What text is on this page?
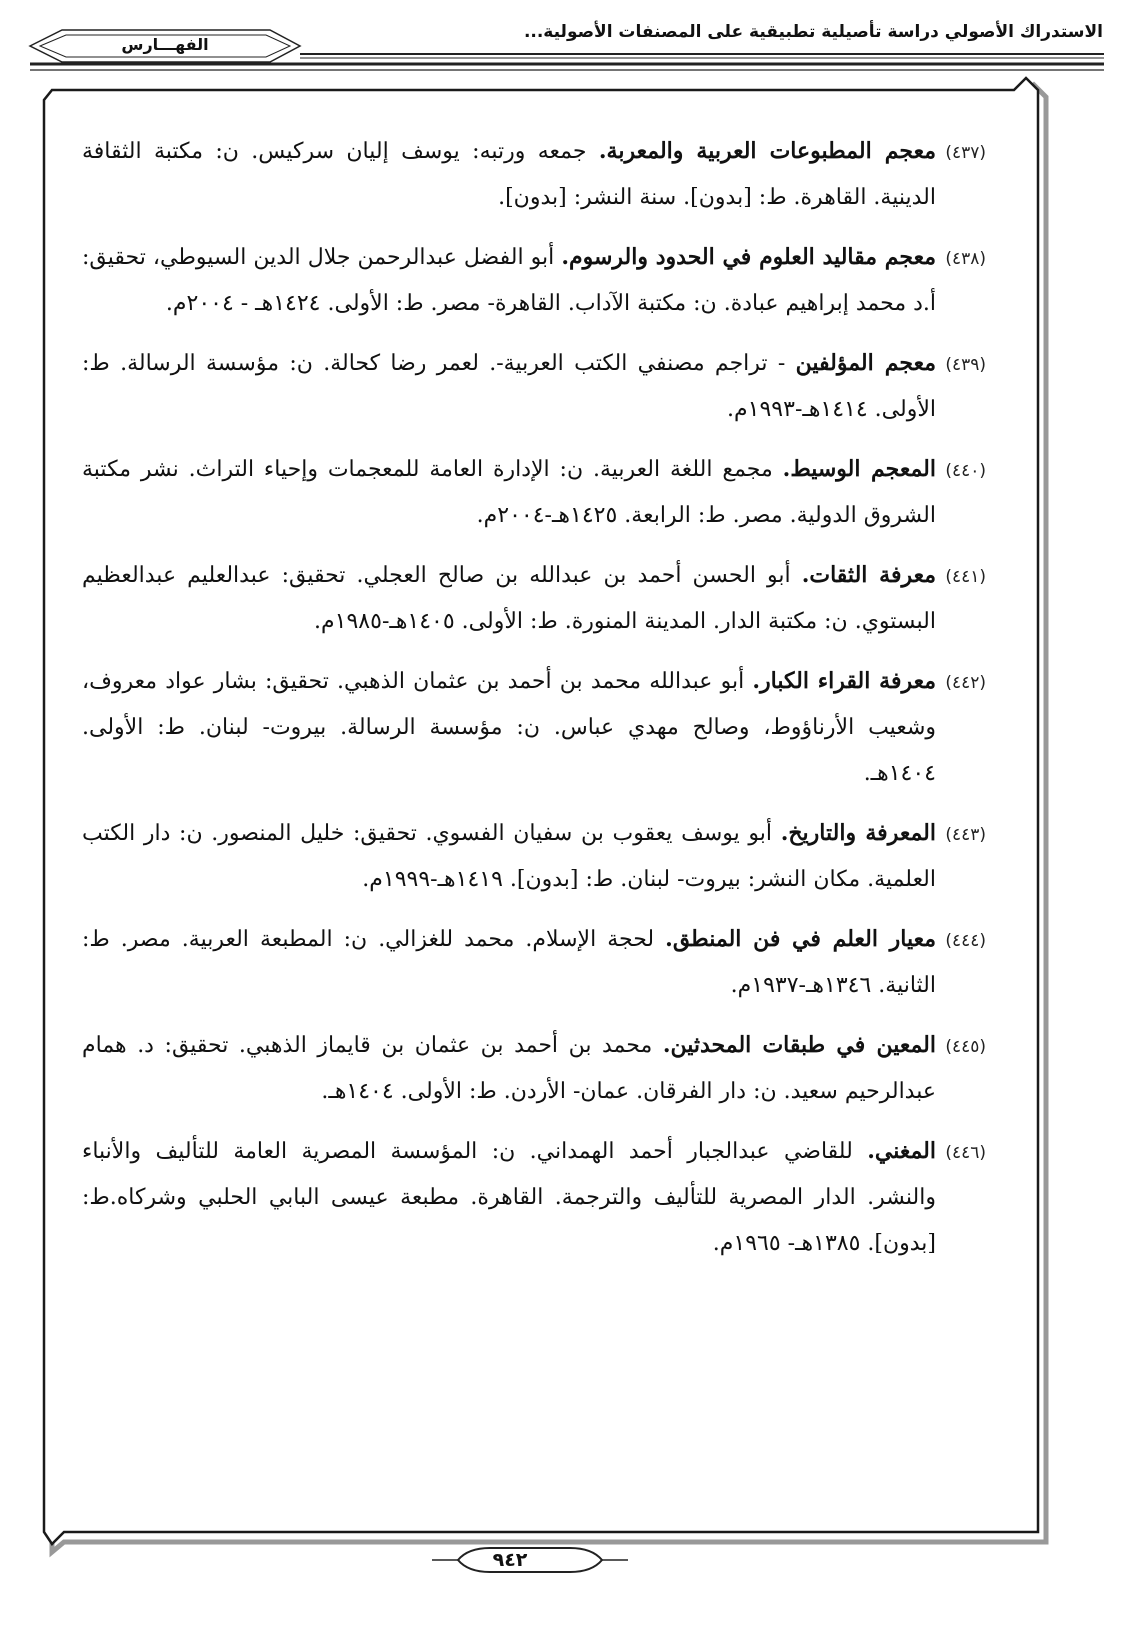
الاستدراك الأصولي دراسة تأصيلية تطبيقية على المصنفات الأصولية...
الفهـــارس
٩٤٢
(٤٣٧)
معجم المطبوعات العربية والمعربة. جمعه ورتبه: يوسف إليان سركيس. ن: مكتبة الثقافة الدينية. القاهرة. ط: [بدون]. سنة النشر: [بدون].
(٤٣٨)
معجم مقاليد العلوم في الحدود والرسوم. أبو الفضل عبدالرحمن جلال الدين السيوطي، تحقيق: أ.د محمد إبراهيم عبادة. ن: مكتبة الآداب. القاهرة- مصر. ط: الأولى. ١٤٢٤هـ - ٢٠٠٤م.
(٤٣٩)
معجم المؤلفين - تراجم مصنفي الكتب العربية-. لعمر رضا كحالة. ن: مؤسسة الرسالة. ط: الأولى. ١٤١٤هـ-١٩٩٣م.
(٤٤٠)
المعجم الوسيط. مجمع اللغة العربية. ن: الإدارة العامة للمعجمات وإحياء التراث. نشر مكتبة الشروق الدولية. مصر. ط: الرابعة. ١٤٢٥هـ-٢٠٠٤م.
(٤٤١)
معرفة الثقات. أبو الحسن أحمد بن عبدالله بن صالح العجلي. تحقيق: عبدالعليم عبدالعظيم البستوي. ن: مكتبة الدار. المدينة المنورة. ط: الأولى. ١٤٠٥هـ-١٩٨٥م.
(٤٤٢)
معرفة القراء الكبار. أبو عبدالله محمد بن أحمد بن عثمان الذهبي. تحقيق: بشار عواد معروف، وشعيب الأرناؤوط، وصالح مهدي عباس. ن: مؤسسة الرسالة. بيروت- لبنان. ط: الأولى. ١٤٠٤هـ.
(٤٤٣)
المعرفة والتاريخ. أبو يوسف يعقوب بن سفيان الفسوي. تحقيق: خليل المنصور. ن: دار الكتب العلمية. مكان النشر: بيروت- لبنان. ط: [بدون]. ١٤١٩هـ-١٩٩٩م.
(٤٤٤)
معيار العلم في فن المنطق. لحجة الإسلام. محمد للغزالي. ن: المطبعة العربية. مصر. ط: الثانية. ١٣٤٦هـ-١٩٣٧م.
(٤٤٥)
المعين في طبقات المحدثين. محمد بن أحمد بن عثمان بن قايماز الذهبي. تحقيق: د. همام عبدالرحيم سعيد. ن: دار الفرقان. عمان- الأردن. ط: الأولى. ١٤٠٤هـ.
(٤٤٦)
المغني. للقاضي عبدالجبار أحمد الهمداني. ن: المؤسسة المصرية العامة للتأليف والأنباء والنشر. الدار المصرية للتأليف والترجمة. القاهرة. مطبعة عيسى البابي الحلبي وشركاه.ط:[بدون]. ١٣٨٥هـ- ١٩٦٥م.
